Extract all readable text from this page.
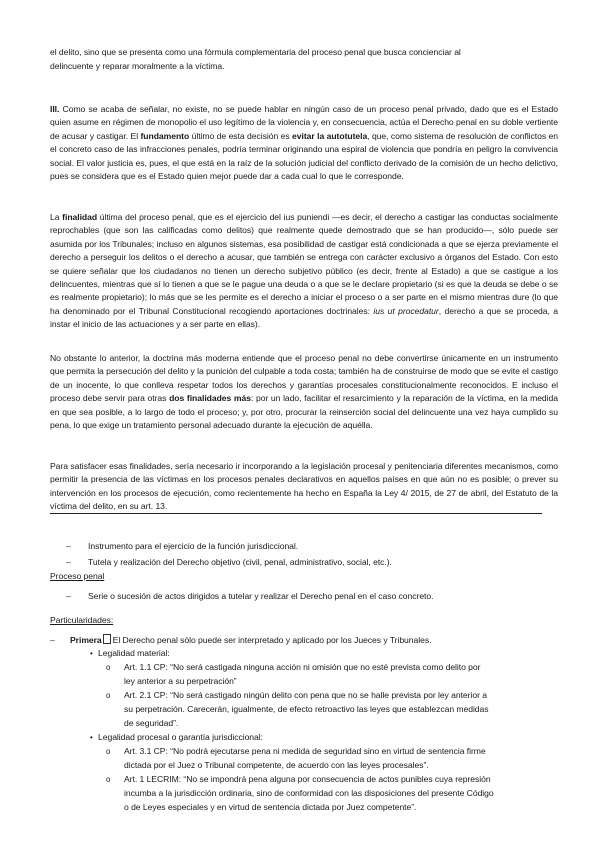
el delito, sino que se presenta como una fórmula complementaria del proceso penal que busca concienciar al
delincuente y reparar moralmente a la víctima.

III. Como se acaba de señalar, no existe, no se puede hablar en ningún caso de un proceso penal privado, dado que es el Estado quien asume en régimen de monopolio el uso legítimo de la violencia y, en consecuencia, actúa el Derecho penal en su doble vertiente de acusar y castigar. El fundamento último de esta decisión es evitar la autotutela, que, como sistema de resolución de conflictos en el concreto caso de las infracciones penales, podría terminar originando una espiral de violencia que pondría en peligro la convivencia social. El valor justicia es, pues, el que está en la raíz de la solución judicial del conflicto derivado de la comisión de un hecho delictivo, pues se considera que es el Estado quien mejor puede dar a cada cual lo que le corresponde.

La finalidad última del proceso penal, que es el ejercicio del ius puniendi —es decir, el derecho a castigar las conductas socialmente reprochables (que son las calificadas como delitos) que realmente quede demostrado que se han producido—, sólo puede ser asumida por los Tribunales; incluso en algunos sistemas, esa posibilidad de castigar está condicionada a que se ejerza previamente el derecho a perseguir los delitos o el derecho a acusar, que también se entrega con carácter exclusivo a órganos del Estado. Con esto se quiere señalar que los ciudadanos no tienen un derecho subjetivo público (es decir, frente al Estado) a que se castigue a los delincuentes, mientras que sí lo tienen a que se le pague una deuda o a que se le declare propietario (si es que la deuda se debe o se es realmente propietario); lo más que se les permite es el derecho a iniciar el proceso o a ser parte en el mismo mientras dure (lo que ha denominado por el Tribunal Constitucional recogiendo aportaciones doctrinales: ius ut procedatur, derecho a que se proceda, a instar el inicio de las actuaciones y a ser parte en ellas).

No obstante lo anterior, la doctrina más moderna entiende que el proceso penal no debe convertirse únicamente en un instrumento que permita la persecución del delito y la punición del culpable a toda costa; también ha de construirse de modo que se evite el castigo de un inocente, lo que conlleva respetar todos los derechos y garantías procesales constitucionalmente reconocidos. E incluso el proceso debe servir para otras dos finalidades más: por un lado, facilitar el resarcimiento y la reparación de la víctima, en la medida en que sea posible, a lo largo de todo el proceso; y, por otro, procurar la reinserción social del delincuente una vez haya cumplido su pena, lo que exige un tratamiento personal adecuado durante la ejecución de aquélla.

Para satisfacer esas finalidades, sería necesario ir incorporando a la legislación procesal y penitenciaria diferentes mecanismos, como permitir la presencia de las víctimas en los procesos penales declarativos en aquellos países en que aún no es posible; o prever su intervención en los procesos de ejecución, como recientemente ha hecho en España la Ley 4/ 2015, de 27 de abril, del Estatuto de la víctima del delito, en su art. 13.

– Instrumento para el ejercicio de la función jurisdiccional.
– Tutela y realización del Derecho objetivo (civil, penal, administrativo, social, etc.).
Proceso penal
– Serie o sucesión de actos dirigidos a tutelar y realizar el Derecho penal en el caso concreto.
Particularidades:
– Primera El Derecho penal sólo puede ser interpretado y aplicado por los Jueces y Tribunales.
• Legalidad material:
o Art. 1.1 CP: “No será castigada ninguna acción ni omisión que no esté prevista como delito por
ley anterior a su perpetración”
o Art. 2.1 CP: “No será castigado ningún delito con pena que no se halle prevista por ley anterior a
su perpetración. Carecerán, igualmente, de efecto retroactivo las leyes que establezcan medidas
de seguridad”.
• Legalidad procesal o garantía jurisdiccional:
o Art. 3.1 CP: “No podrá ejecutarse pena ni medida de seguridad sino en virtud de sentencia firme
dictada por el Juez o Tribunal competente, de acuerdo con las leyes procesales”.
o Art. 1 LECRIM: “No se impondrá pena alguna por consecuencia de actos punibles cuya represión
incumba a la jurisdicción ordinaria, sino de conformidad con las disposiciones del presente Código
o de Leyes especiales y en virtud de sentencia dictada por Juez competente”.
